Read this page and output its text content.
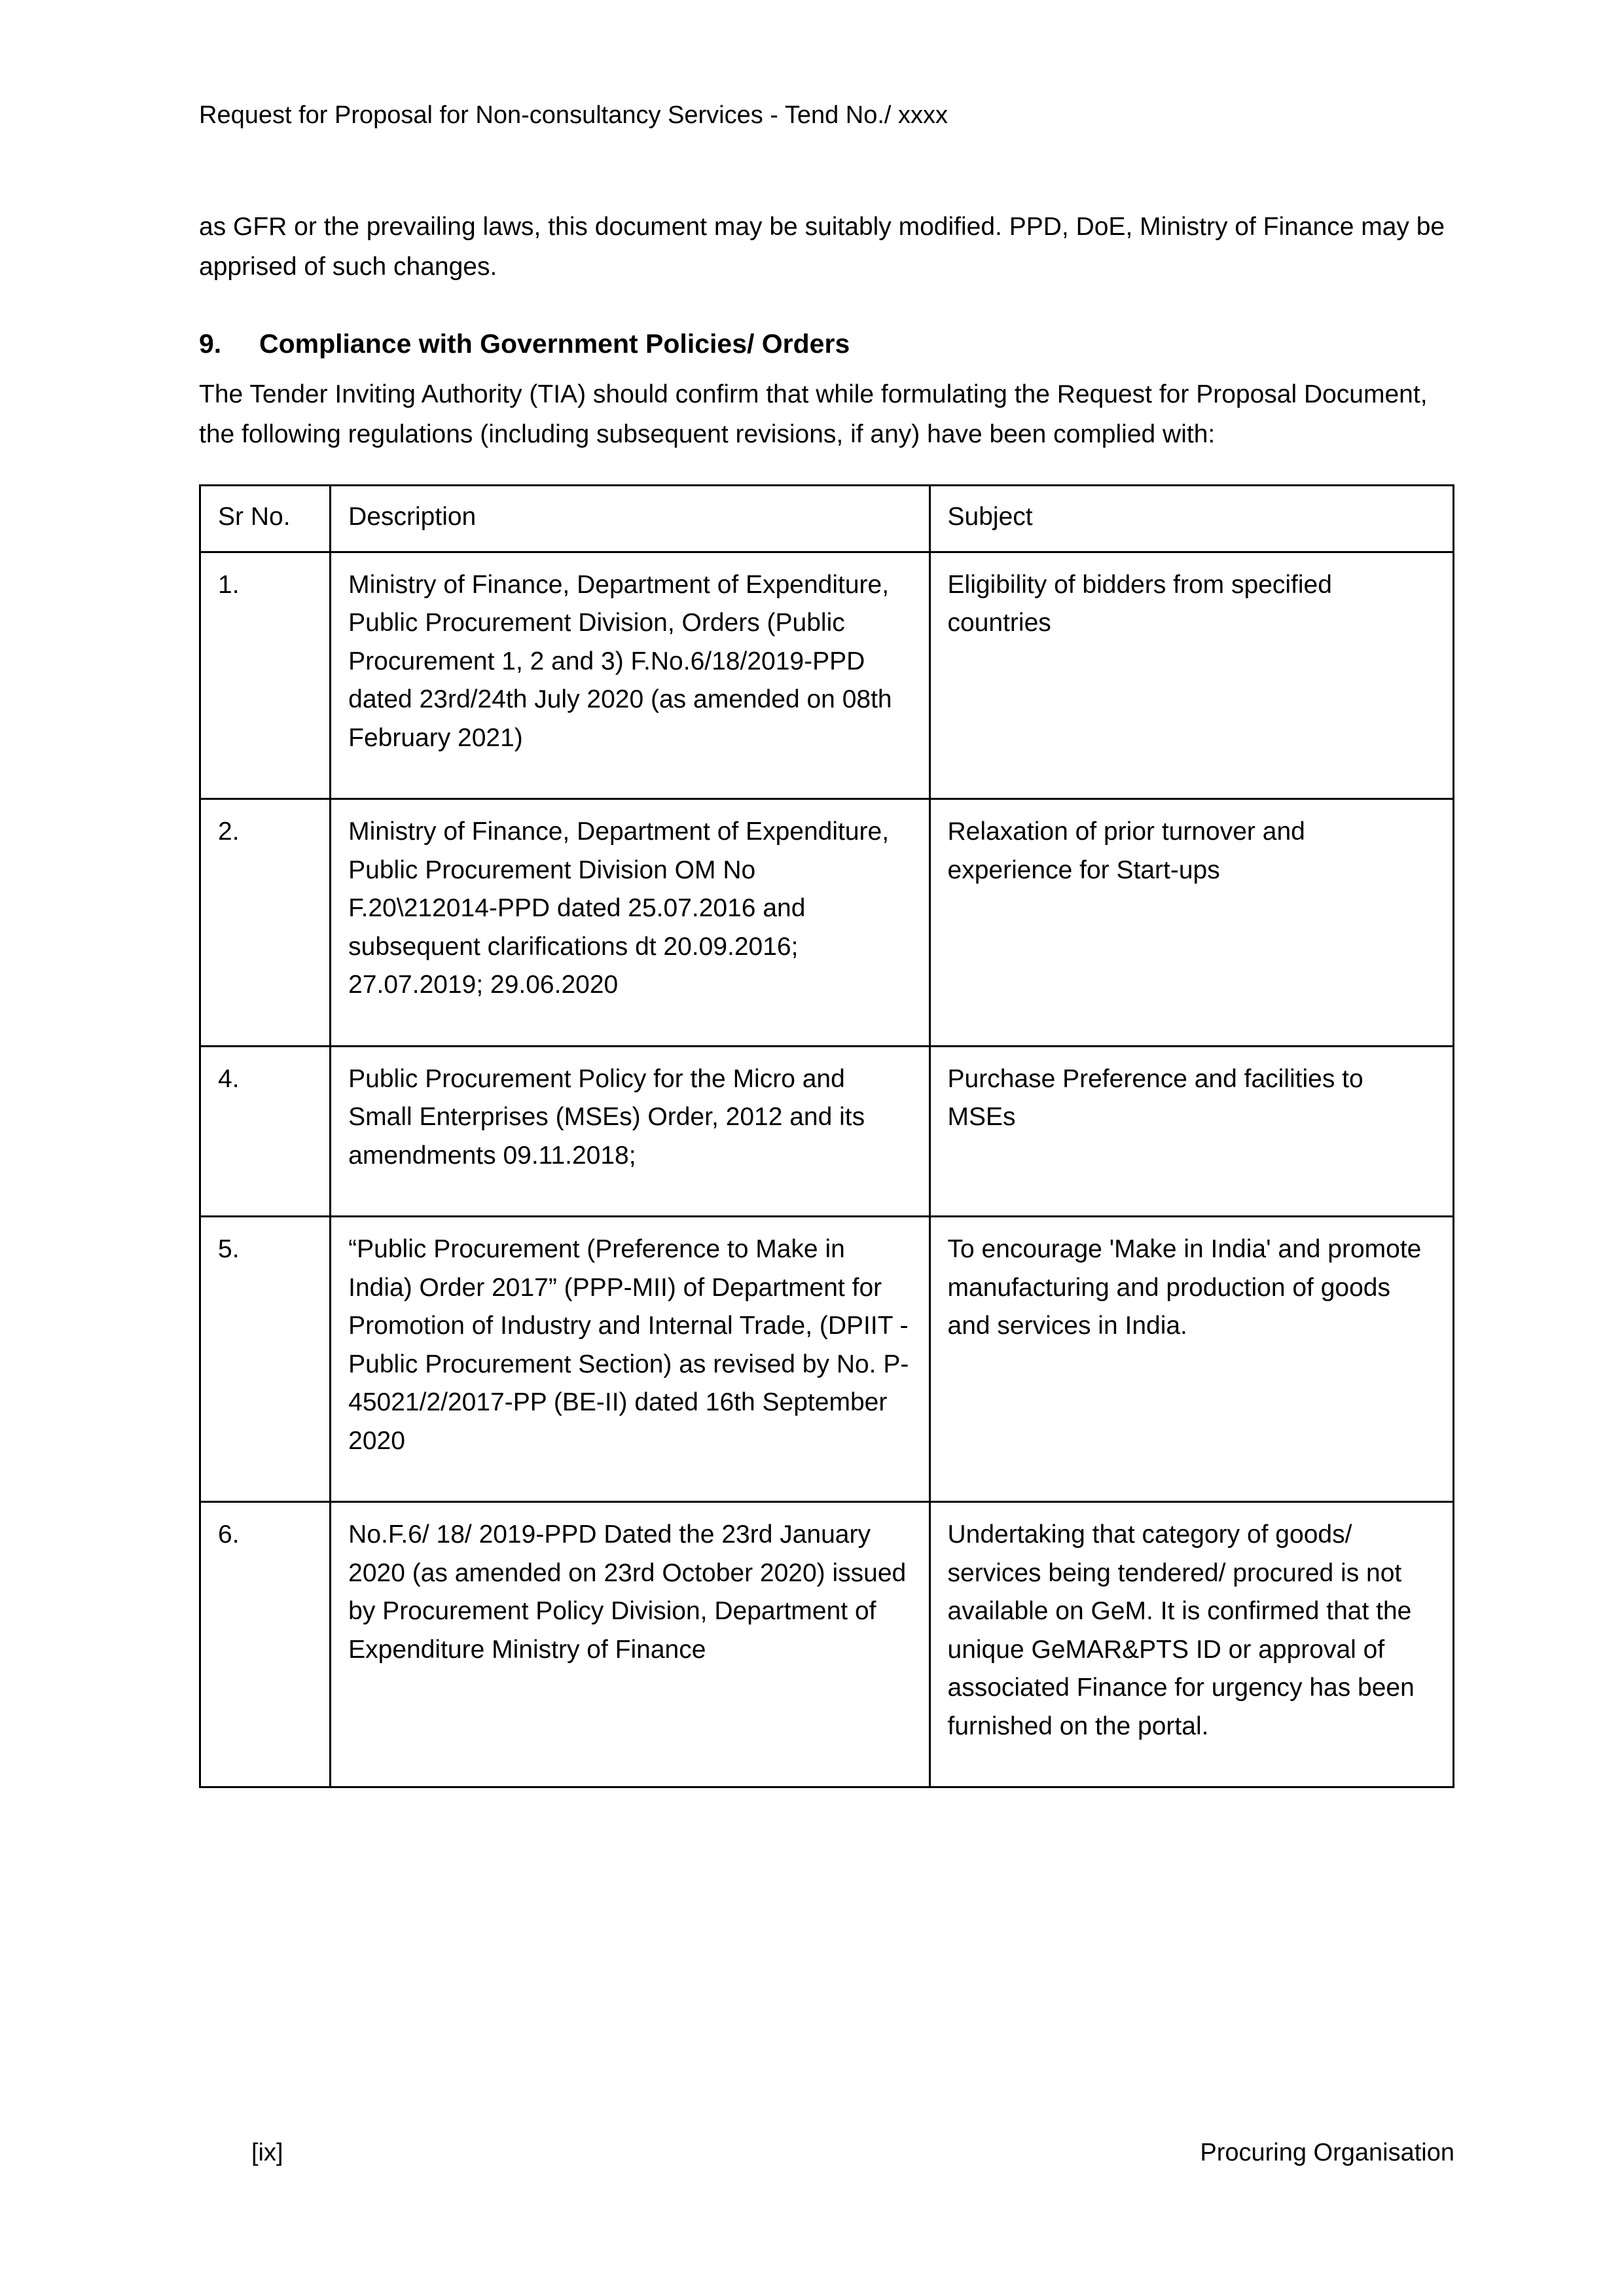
Request for Proposal for Non-consultancy Services - Tend No./ xxxx

as GFR or the prevailing laws, this document may be suitably modified. PPD, DoE, Ministry of Finance may be apprised of such changes.

9.	Compliance with Government Policies/ Orders

The Tender Inviting Authority (TIA) should confirm that while formulating the Request for Proposal Document, the following regulations (including subsequent revisions, if any) have been complied with:

Sr No.	Description	Subject
1.	Ministry of Finance, Department of Expenditure, Public Procurement Division, Orders (Public Procurement 1, 2 and 3) F.No.6/18/2019-PPD dated 23rd/24th July 2020 (as amended on 08th February 2021)	Eligibility of bidders from specified countries
2.	Ministry of Finance, Department of Expenditure, Public Procurement Division OM No F.20\212014-PPD dated 25.07.2016 and subsequent clarifications dt 20.09.2016; 27.07.2019; 29.06.2020	Relaxation of prior turnover and experience for Start-ups
4.	Public Procurement Policy for the Micro and Small Enterprises (MSEs) Order, 2012 and its amendments 09.11.2018;	Purchase Preference and facilities to MSEs
5.	“Public Procurement (Preference to Make in India) Order 2017” (PPP-MII) of Department for Promotion of Industry and Internal Trade, (DPIIT - Public Procurement Section) as revised by No. P-45021/2/2017-PP (BE-II) dated 16th September 2020	To encourage 'Make in India' and promote manufacturing and production of goods and services in India.
6.	No.F.6/ 18/ 2019-PPD Dated the 23rd January 2020 (as amended on 23rd October 2020) issued by Procurement Policy Division, Department of Expenditure Ministry of Finance	Undertaking that category of goods/ services being tendered/ procured is not available on GeM. It is confirmed that the unique GeMAR&PTS ID or approval of associated Finance for urgency has been furnished on the portal.
[ix]	Procuring Organisation
